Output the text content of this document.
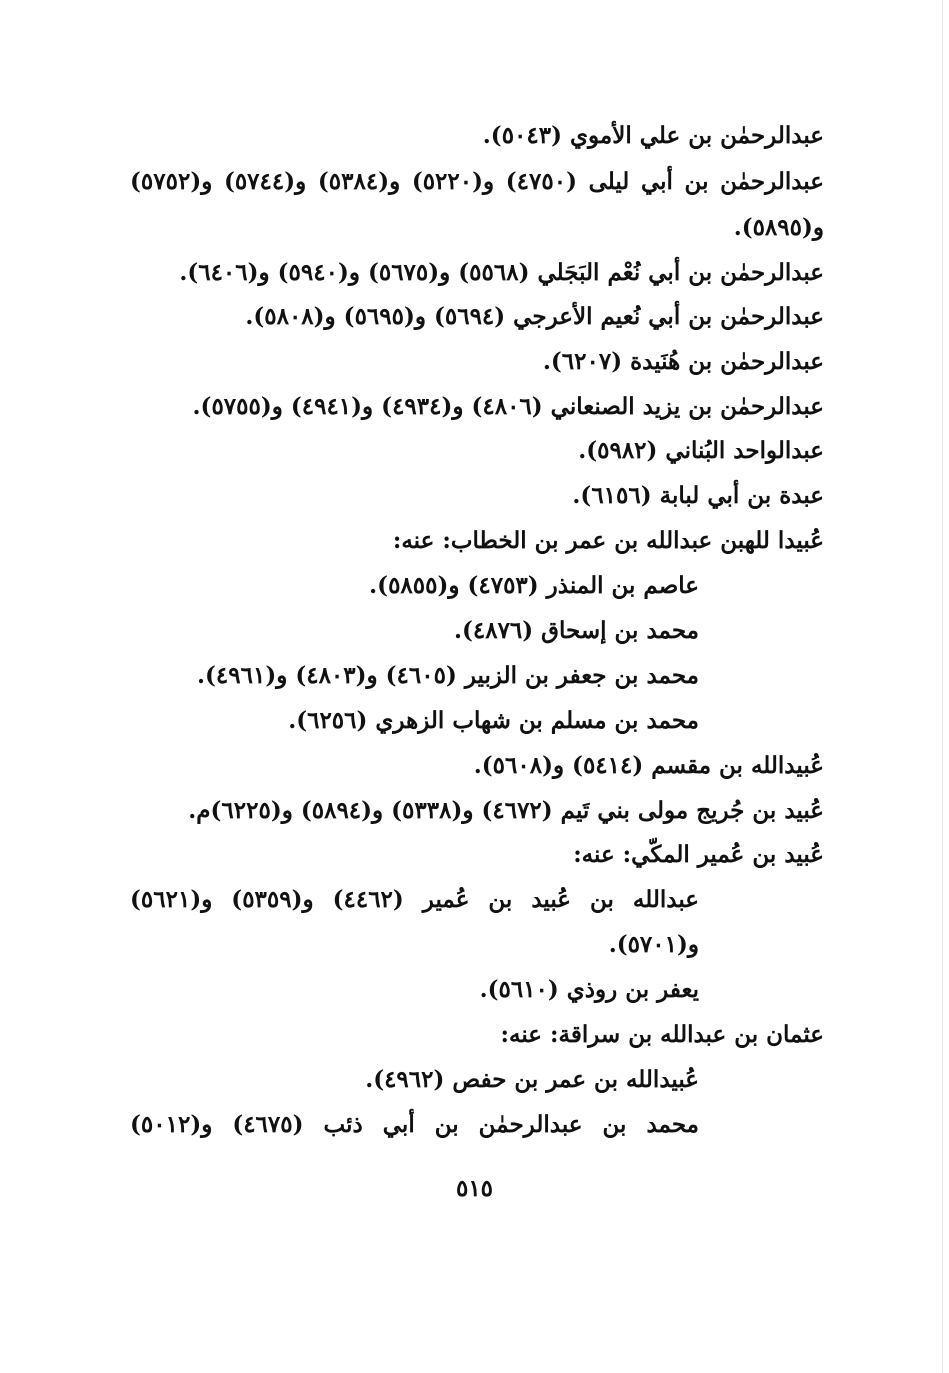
عبدالرحمٰن بن علي الأموي (٥٠٤٣).
عبدالرحمٰن بن أبي ليلى (٤٧٥٠) و(٥٢٢٠) و(٥٣٨٤) و(٥٧٤٤) و(٥٧٥٢)
و(٥٨٩٥).
عبدالرحمٰن بن أبي نُعْم البَجَلي (٥٥٦٨) و(٥٦٧٥) و(٥٩٤٠) و(٦٤٠٦).
عبدالرحمٰن بن أبي نُعيم الأعرجي (٥٦٩٤) و(٥٦٩٥) و(٥٨٠٨).
عبدالرحمٰن بن هُنَيدة (٦٢٠٧).
عبدالرحمٰن بن يزيد الصنعاني (٤٨٠٦) و(٤٩٣٤) و(٤٩٤١) و(٥٧٥٥).
عبدالواحد البُناني (٥٩٨٢).
عبدة بن أبي لبابة (٦١٥٦).
عُبيدا للهبن عبدالله بن عمر بن الخطاب: عنه:
عاصم بن المنذر (٤٧٥٣) و(٥٨٥٥).
محمد بن إسحاق (٤٨٧٦).
محمد بن جعفر بن الزبير (٤٦٠٥) و(٤٨٠٣) و(٤٩٦١).
محمد بن مسلم بن شهاب الزهري (٦٢٥٦).
عُبيدالله بن مقسم (٥٤١٤) و(٥٦٠٨).
عُبيد بن جُريج مولى بني تَيم (٤٦٧٢) و(٥٣٣٨) و(٥٨٩٤) و(٦٢٢٥)م.
عُبيد بن عُمير المكّي: عنه:
عبدالله بن عُبيد بن عُمير (٤٤٦٢) و(٥٣٥٩) و(٥٦٢١)
و(٥٧٠١).
يعفر بن روذي (٥٦١٠).
عثمان بن عبدالله بن سراقة: عنه:
عُبيدالله بن عمر بن حفص (٤٩٦٢).
محمد بن عبدالرحمٰن بن أبي ذئب (٤٦٧٥) و(٥٠١٢)
٥١٥
